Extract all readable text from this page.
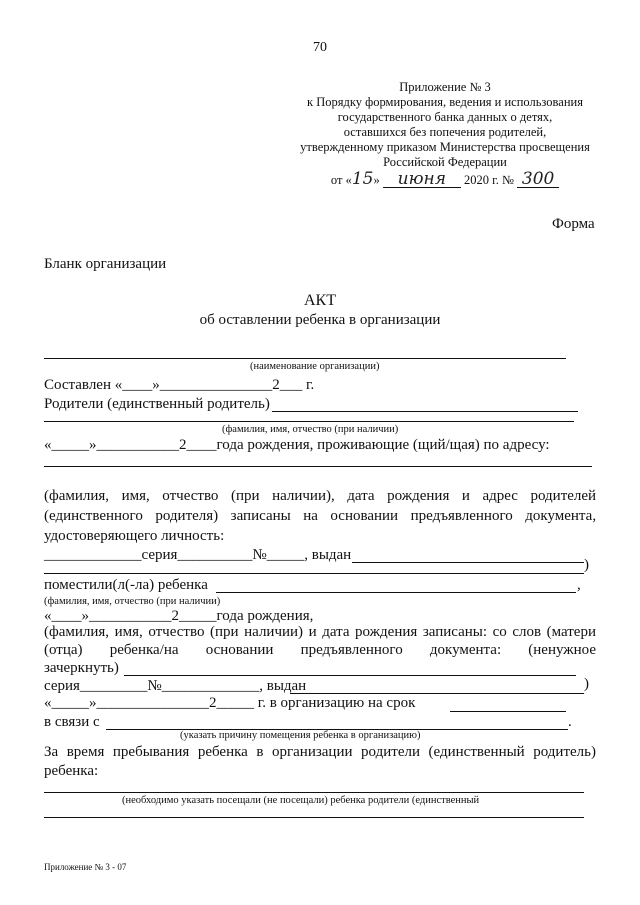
70
Приложение № 3
к Порядку формирования, ведения и использования
государственного банка данных о детях,
оставшихся без попечения родителей,
утвержденному приказом Министерства просвещения
Российской Федерации
от «15» июня 2020 г. № 300
Форма
Бланк организации
АКТ
об оставлении ребенка в организации
(наименование организации)
Составлен «____»_______________2___ г.
Родители (единственный родитель)
(фамилия, имя, отчество (при наличии)
«_____»___________2____года рождения, проживающие (щий/щая) по адресу:
(фамилия, имя, отчество (при наличии), дата рождения и адрес родителей
(единственного родителя) записаны на основании предъявленного документа,
удостоверяющего личность:
_____________серия__________№_____, выдан
)
поместили(л(-ла) ребенка	,
(фамилия, имя, отчество (при наличии)
«____»___________2_____года рождения,
(фамилия, имя, отчество (при наличии) и дата рождения записаны: со слов (матери
(отца) ребенка/на основании предъявленного документа: (ненужное
зачеркнуть)
серия_________№_____________, выдан	)
«_____»_______________2_____ г. в организацию на срок
в связи с	.
(указать причину помещения ребенка в организацию)
За время пребывания ребенка в организации родители (единственный родитель)
ребенка:
(необходимо указать посещали (не посещали) ребенка родители (единственный
Приложение № 3 - 07
